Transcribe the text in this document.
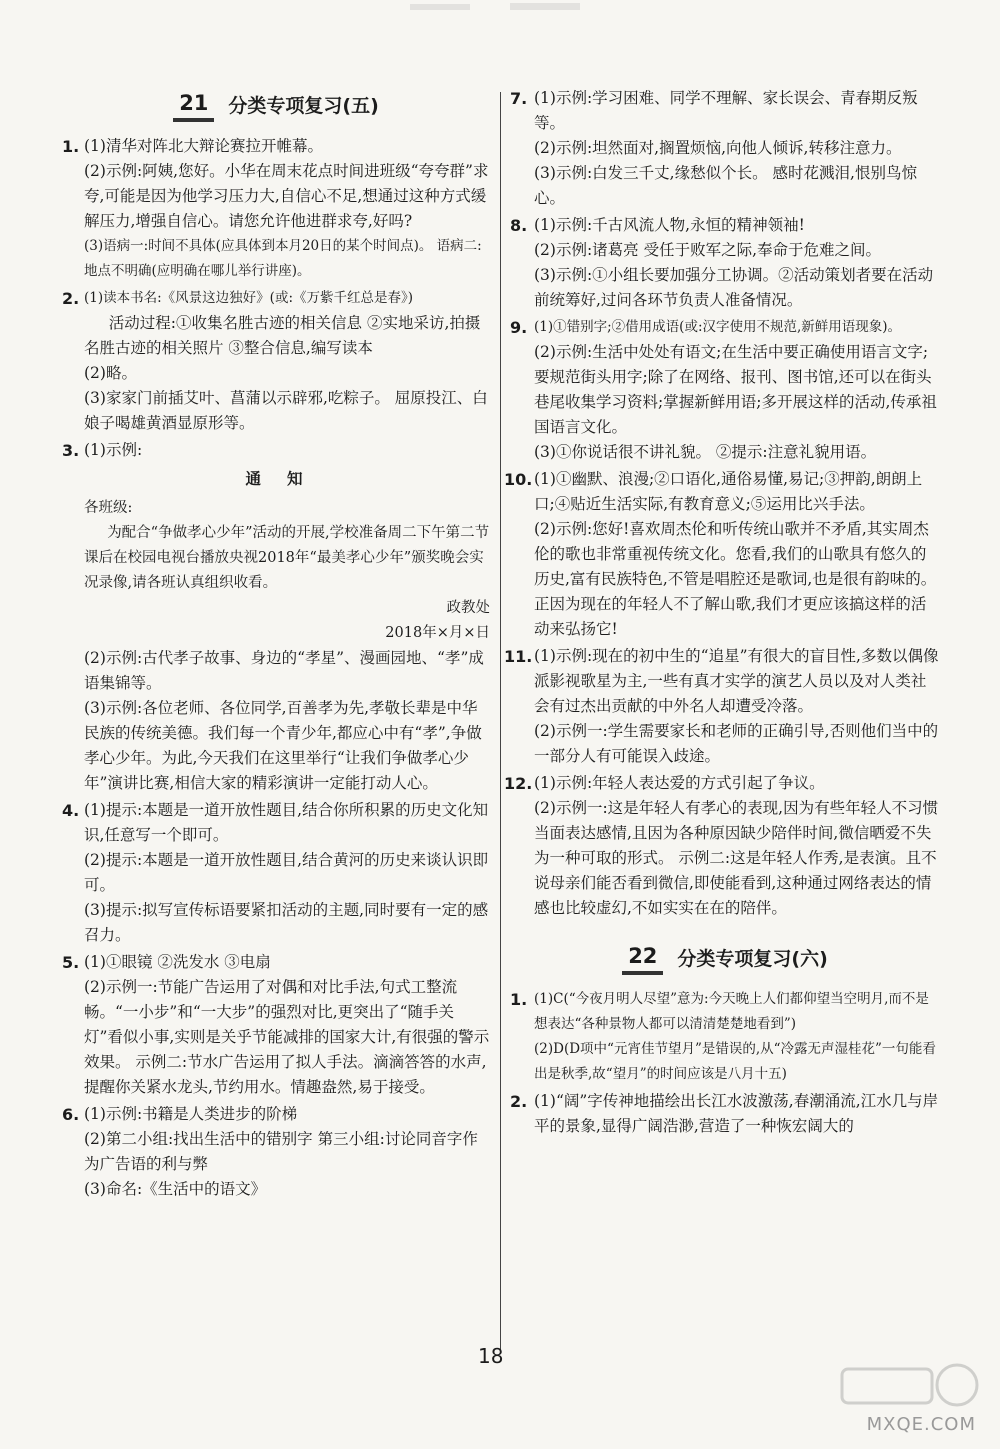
21	分类专项复习(五)
1. (1)清华对阵北大辩论赛拉开帷幕。
(2)示例:阿姨,您好。小华在周末花点时间进班级“夸夸群”求夸,可能是因为他学习压力大,自信心不足,想通过这种方式缓解压力,增强自信心。请您允许他进群求夸,好吗?
(3)语病一:时间不具体(应具体到本月20日的某个时间点)。 语病二:地点不明确(应明确在哪儿举行讲座)。
2. (1)读本书名:《风景这边独好》(或:《万紫千红总是春》)
活动过程:①收集名胜古迹的相关信息 ②实地采访,拍摄名胜古迹的相关照片 ③整合信息,编写读本
(2)略。
(3)家家门前插艾叶、菖蒲以示辟邪,吃粽子。 屈原投江、白娘子喝雄黄酒显原形等。
3. (1)示例:
通知
各班级:
为配合“争做孝心少年”活动的开展,学校准备周二下午第二节课后在校园电视台播放央视2018年“最美孝心少年”颁奖晚会实况录像,请各班认真组织收看。
政教处
2018年×月×日
(2)示例:古代孝子故事、身边的“孝星”、漫画园地、“孝”成语集锦等。
(3)示例:各位老师、各位同学,百善孝为先,孝敬长辈是中华民族的传统美德。我们每一个青少年,都应心中有“孝”,争做孝心少年。为此,今天我们在这里举行“让我们争做孝心少年”演讲比赛,相信大家的精彩演讲一定能打动人心。
4. (1)提示:本题是一道开放性题目,结合你所积累的历史文化知识,任意写一个即可。
(2)提示:本题是一道开放性题目,结合黄河的历史来谈认识即可。
(3)提示:拟写宣传标语要紧扣活动的主题,同时要有一定的感召力。
5. (1)①眼镜 ②洗发水 ③电扇
(2)示例一:节能广告运用了对偶和对比手法,句式工整流畅。“一小步”和“一大步”的强烈对比,更突出了“随手关灯”看似小事,实则是关乎节能减排的国家大计,有很强的警示效果。 示例二:节水广告运用了拟人手法。滴滴答答的水声,提醒你关紧水龙头,节约用水。情趣盎然,易于接受。
6. (1)示例:书籍是人类进步的阶梯
(2)第二小组:找出生活中的错别字 第三小组:讨论同音字作为广告语的利与弊
(3)命名:《生活中的语文》
7. (1)示例:学习困难、同学不理解、家长误会、青春期反叛等。
(2)示例:坦然面对,搁置烦恼,向他人倾诉,转移注意力。
(3)示例:白发三千丈,缘愁似个长。 感时花溅泪,恨别鸟惊心。
8. (1)示例:千古风流人物,永恒的精神领袖!
(2)示例:诸葛亮 受任于败军之际,奉命于危难之间。
(3)示例:①小组长要加强分工协调。②活动策划者要在活动前统筹好,过问各环节负责人准备情况。
9. (1)①错别字;②借用成语(或:汉字使用不规范,新鲜用语现象)。
(2)示例:生活中处处有语文;在生活中要正确使用语言文字;要规范街头用字;除了在网络、报刊、图书馆,还可以在街头巷尾收集学习资料;掌握新鲜用语;多开展这样的活动,传承祖国语言文化。
(3)①你说话很不讲礼貌。 ②提示:注意礼貌用语。
10. (1)①幽默、浪漫;②口语化,通俗易懂,易记;③押韵,朗朗上口;④贴近生活实际,有教育意义;⑤运用比兴手法。
(2)示例:您好!喜欢周杰伦和听传统山歌并不矛盾,其实周杰伦的歌也非常重视传统文化。您看,我们的山歌具有悠久的历史,富有民族特色,不管是唱腔还是歌词,也是很有韵味的。正因为现在的年轻人不了解山歌,我们才更应该搞这样的活动来弘扬它!
11. (1)示例:现在的初中生的“追星”有很大的盲目性,多数以偶像派影视歌星为主,一些有真才实学的演艺人员以及对人类社会有过杰出贡献的中外名人却遭受冷落。
(2)示例一:学生需要家长和老师的正确引导,否则他们当中的一部分人有可能误入歧途。
12. (1)示例:年轻人表达爱的方式引起了争议。
(2)示例一:这是年轻人有孝心的表现,因为有些年轻人不习惯当面表达感情,且因为各种原因缺少陪伴时间,微信晒爱不失为一种可取的形式。 示例二:这是年轻人作秀,是表演。且不说母亲们能否看到微信,即使能看到,这种通过网络表达的情感也比较虚幻,不如实实在在的陪伴。
22	分类专项复习(六)
1. (1)C(“今夜月明人尽望”意为:今天晚上人们都仰望当空明月,而不是想表达“各种景物人都可以清清楚楚地看到”)
(2)D(D项中“元宵佳节望月”是错误的,从“冷露无声湿桂花”一句能看出是秋季,故“望月”的时间应该是八月十五)
2. (1)“阔”字传神地描绘出长江水波激荡,春潮涌流,江水几与岸平的景象,显得广阔浩渺,营造了一种恢宏阔大的
18
MXQE.COM
